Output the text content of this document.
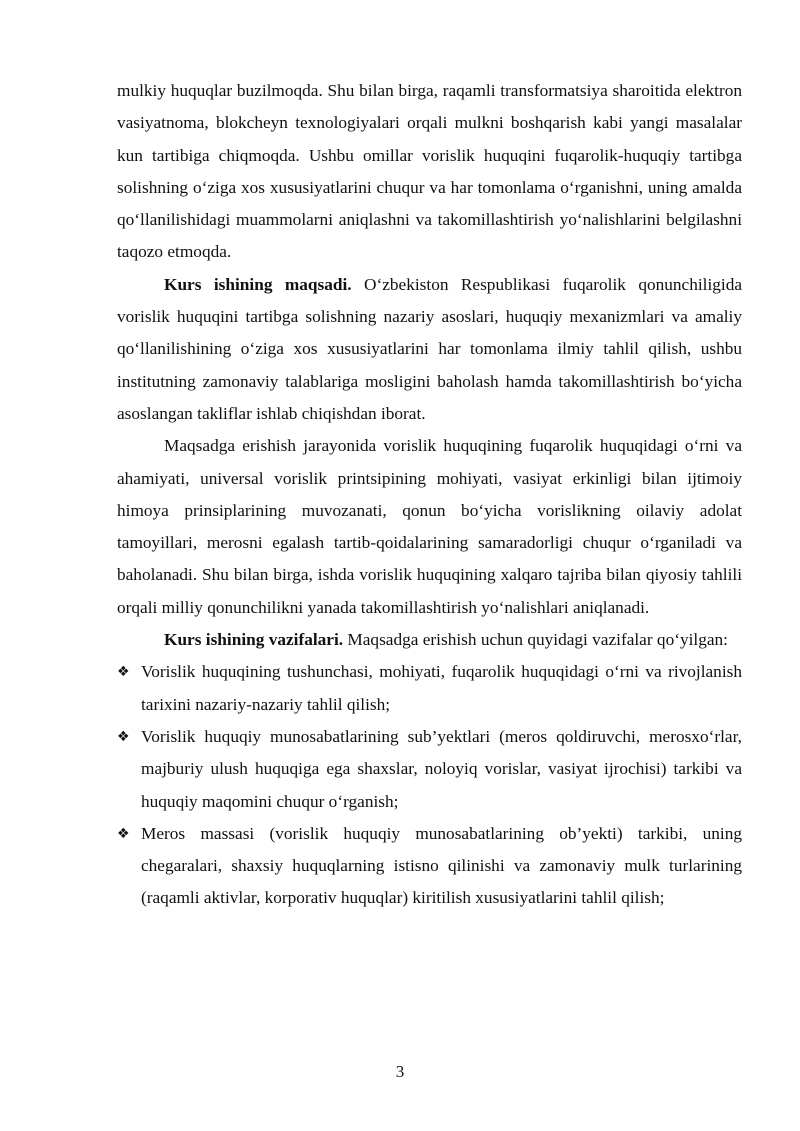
mulkiy huquqlar buzilmoqda. Shu bilan birga, raqamli transformatsiya sharoitida elektron vasiyatnoma, blokcheyn texnologiyalari orqali mulkni boshqarish kabi yangi masalalar kun tartibiga chiqmoqda. Ushbu omillar vorislik huquqini fuqarolik-huquqiy tartibga solishning o‘ziga xos xususiyatlarini chuqur va har tomonlama o‘rganishni, uning amalda qo‘llanilishidagi muammolarni aniqlashni va takomillashtirish yo‘nalishlarini belgilashni taqozo etmoqda.

Kurs ishining maqsadi. O‘zbekiston Respublikasi fuqarolik qonunchiligida vorislik huquqini tartibga solishning nazariy asoslari, huquqiy mexanizmlari va amaliy qo‘llanilishining o‘ziga xos xususiyatlarini har tomonlama ilmiy tahlil qilish, ushbu institutning zamonaviy talablariga mosligini baholash hamda takomillashtirish bo‘yicha asoslangan takliflar ishlab chiqishdan iborat.

Maqsadga erishish jarayonida vorislik huquqining fuqarolik huquqidagi o‘rni va ahamiyati, universal vorislik printsipining mohiyati, vasiyat erkinligi bilan ijtimoiy himoya prinsiplarining muvozanati, qonun bo‘yicha vorislikning oilaviy adolat tamoyillari, merosni egalash tartib-qoidalarining samaradorligi chuqur o‘rganiladi va baholanadi. Shu bilan birga, ishda vorislik huquqining xalqaro tajriba bilan qiyosiy tahlili orqali milliy qonunchilikni yanada takomillashtirish yo‘nalishlari aniqlanadi.

Kurs ishining vazifalari. Maqsadga erishish uchun quyidagi vazifalar qo‘yilgan:

❖ Vorislik huquqining tushunchasi, mohiyati, fuqarolik huquqidagi o‘rni va rivojlanish tarixini nazariy-nazariy tahlil qilish;
❖ Vorislik huquqiy munosabatlarining sub’yektlari (meros qoldiruvchi, merosxo‘rlar, majburiy ulush huquqiga ega shaxslar, noloyiq vorislar, vasiyat ijrochisi) tarkibi va huquqiy maqomini chuqur o‘rganish;
❖ Meros massasi (vorislik huquqiy munosabatlarining ob’yekti) tarkibi, uning chegaralari, shaxsiy huquqlarning istisno qilinishi va zamonaviy mulk turlarining (raqamli aktivlar, korporativ huquqlar) kiritilish xususiyatlarini tahlil qilish;
3
